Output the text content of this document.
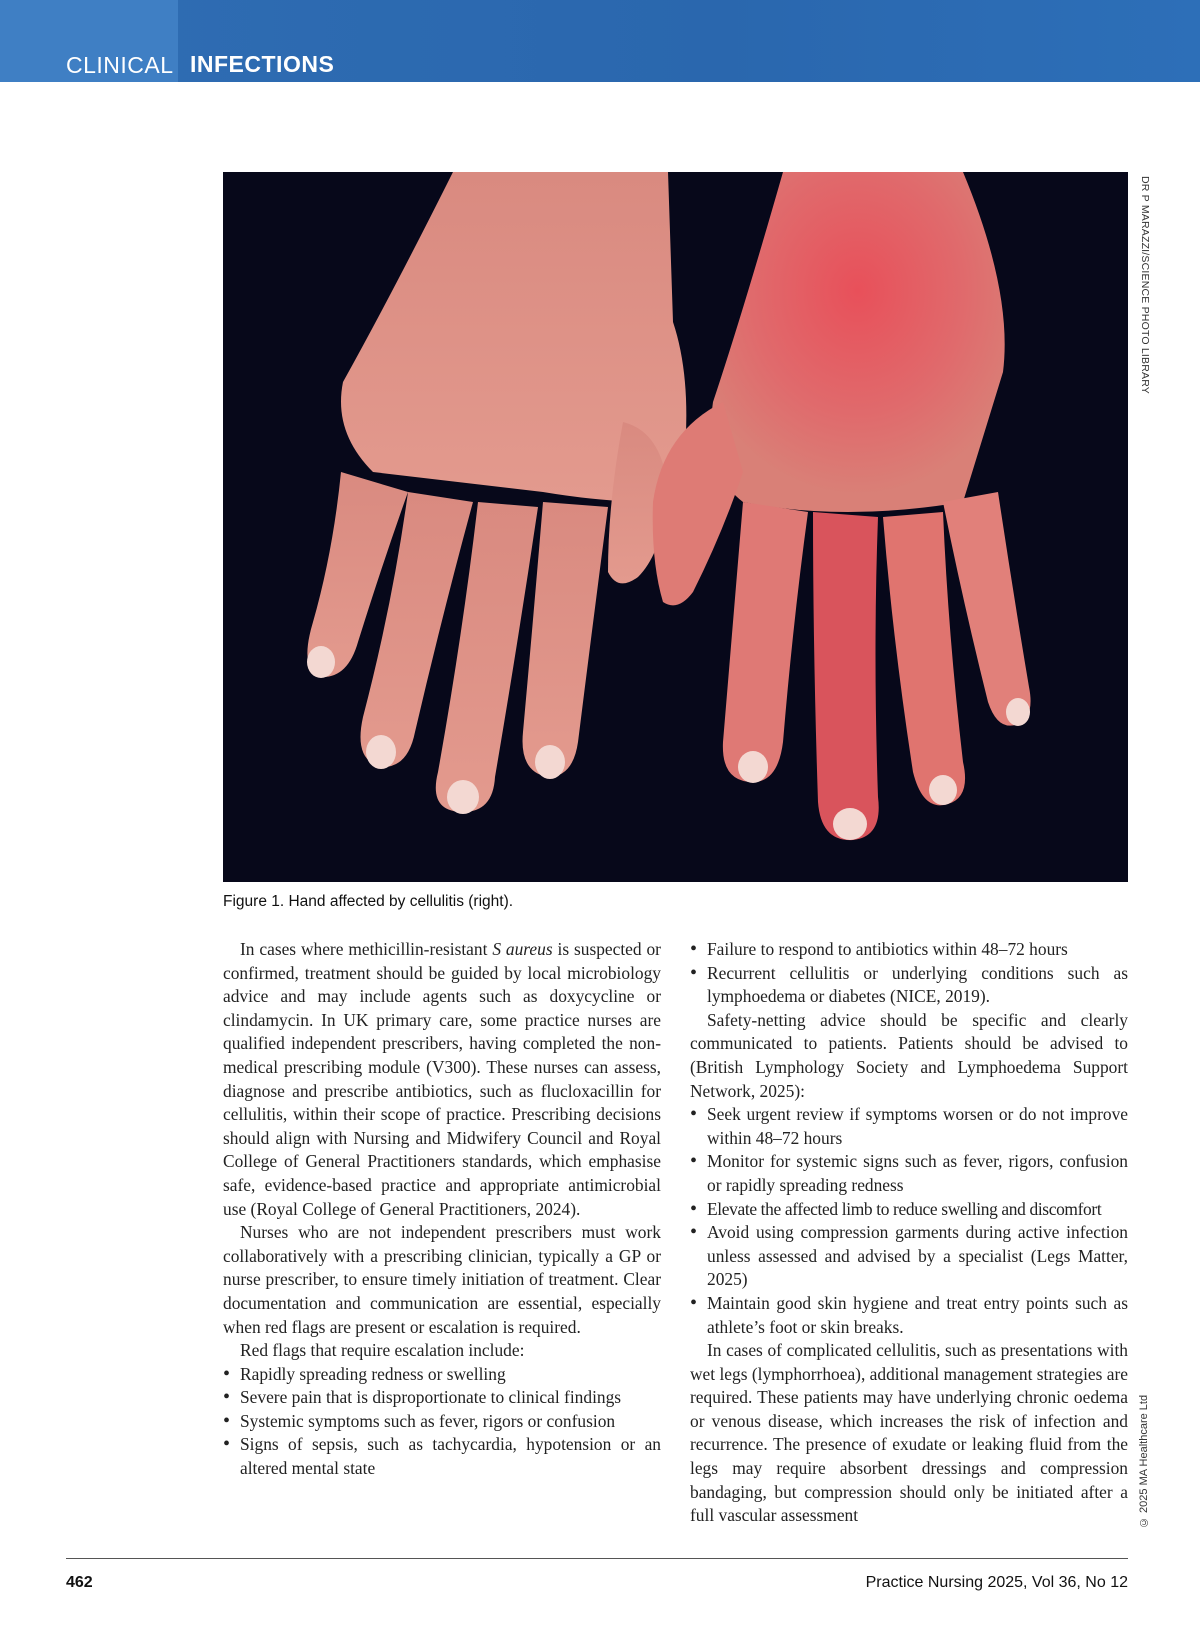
CLINICAL INFECTIONS
DR P MARAZZI/SCIENCE PHOTO LIBRARY
Figure 1. Hand affected by cellulitis (right).

In cases where methicillin-resistant S aureus is suspected or confirmed, treatment should be guided by local microbiology advice and may include agents such as doxycycline or clindamycin. In UK primary care, some practice nurses are qualified independent prescribers, having completed the non-medical prescribing module (V300). These nurses can assess, diagnose and prescribe antibiotics, such as flucloxacillin for cellulitis, within their scope of practice. Prescribing decisions should align with Nursing and Midwifery Council and Royal College of General Practitioners standards, which emphasise safe, evidence-based practice and appropriate antimicrobial use (Royal College of General Practitioners, 2024).

Nurses who are not independent prescribers must work collaboratively with a prescribing clinician, typically a GP or nurse prescriber, to ensure timely initiation of treatment. Clear documentation and communication are essential, especially when red flags are present or escalation is required.

Red flags that require escalation include:

• Rapidly spreading redness or swelling
• Severe pain that is disproportionate to clinical findings
• Systemic symptoms such as fever, rigors or confusion
• Signs of sepsis, such as tachycardia, hypotension or an altered mental state
• Failure to respond to antibiotics within 48–72 hours
• Recurrent cellulitis or underlying conditions such as lymphoedema or diabetes (NICE, 2019).

Safety-netting advice should be specific and clearly communicated to patients. Patients should be advised to (British Lymphology Society and Lymphoedema Support Network, 2025):

• Seek urgent review if symptoms worsen or do not improve within 48–72 hours
• Monitor for systemic signs such as fever, rigors, confusion or rapidly spreading redness
• Elevate the affected limb to reduce swelling and discomfort
• Avoid using compression garments during active infection unless assessed and advised by a specialist (Legs Matter, 2025)
• Maintain good skin hygiene and treat entry points such as athlete’s foot or skin breaks.

In cases of complicated cellulitis, such as presentations with wet legs (lymphorrhoea), additional management strategies are required. These patients may have underlying chronic oedema or venous disease, which increases the risk of infection and recurrence. The presence of exudate or leaking fluid from the legs may require absorbent dressings and compression bandaging, but compression should only be initiated after a full vascular assessment	© 2025 MA Healthcare Ltd
462	Practice Nursing 2025, Vol 36, No 12
